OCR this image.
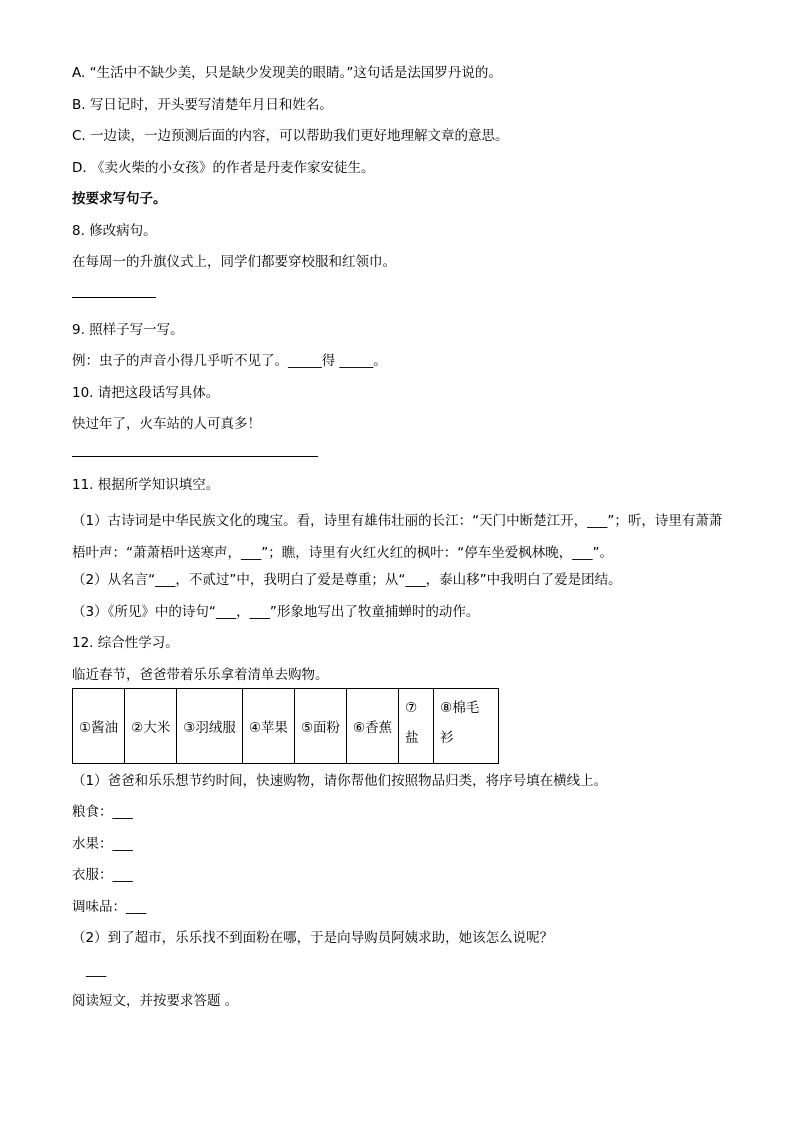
A. “生活中不缺少美，只是缺少发现美的眼睛。”这句话是法国罗丹说的。
B. 写日记时，开头要写清楚年月日和姓名。
C. 一边读，一边预测后面的内容，可以帮助我们更好地理解文章的意思。
D. 《卖火柴的小女孩》的作者是丹麦作家安徒生。
按要求写句子。
8. 修改病句。
在每周一的升旗仪式上，同学们都要穿校服和红领巾。
9. 照样子写一写。
例：虫子的声音小得几乎听不见了。_____得 _____。
10. 请把这段话写具体。
快过年了，火车站的人可真多！
11. 根据所学知识填空。
（1）古诗词是中华民族文化的瑰宝。看，诗里有雄伟壮丽的长江：“天门中断楚江开，___”；听，诗里有萧萧梧叶声：“萧萧梧叶送寒声，___”；瞧，诗里有火红火红的枫叶：“停车坐爱枫林晚，___”。
（2）从名言“___，不贰过”中，我明白了爱是尊重；从“___，泰山移”中我明白了爱是团结。
（3）《所见》中的诗句“___，___”形象地写出了牧童捕蝉时的动作。
12. 综合性学习。
临近春节，爸爸带着乐乐拿着清单去购物。
①酱油	②大米	③羽绒服	④苹果	⑤面粉	⑥香蕉	⑦盐	⑧棉毛衫
（1）爸爸和乐乐想节约时间，快速购物，请你帮他们按照物品归类，将序号填在横线上。
粮食：___
水果：___
衣服：___
调味品：___
（2）到了超市，乐乐找不到面粉在哪，于是向导购员阿姨求助，她该怎么说呢？
___
阅读短文，并按要求答题 。
